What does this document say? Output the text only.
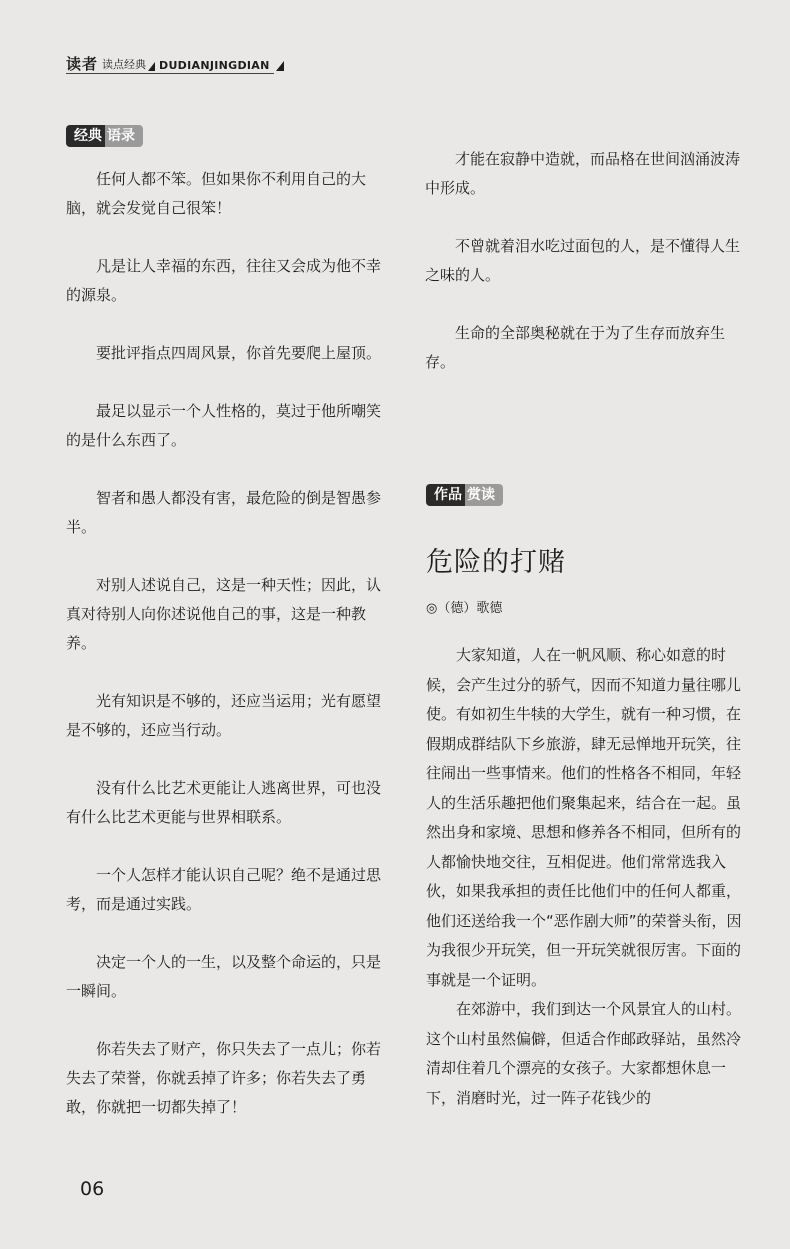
读者 读点经典 DUDIANJINGDIAN
经典 语录

任何人都不笨。但如果你不利用自己的大脑，就会发觉自己很笨！

凡是让人幸福的东西，往往又会成为他不幸的源泉。

要批评指点四周风景，你首先要爬上屋顶。

最足以显示一个人性格的，莫过于他所嘲笑的是什么东西了。

智者和愚人都没有害，最危险的倒是智愚参半。

对别人述说自己，这是一种天性；因此，认真对待别人向你述说他自己的事，这是一种教养。

光有知识是不够的，还应当运用；光有愿望是不够的，还应当行动。

没有什么比艺术更能让人逃离世界，可也没有什么比艺术更能与世界相联系。

一个人怎样才能认识自己呢？绝不是通过思考，而是通过实践。

决定一个人的一生，以及整个命运的，只是一瞬间。

你若失去了财产，你只失去了一点儿；你若失去了荣誉，你就丢掉了许多；你若失去了勇敢，你就把一切都失掉了！

才能在寂静中造就，而品格在世间汹涌波涛中形成。

不曾就着泪水吃过面包的人，是不懂得人生之味的人。

生命的全部奥秘就在于为了生存而放弃生存。

作品 赏读
危险的打赌
◎（德）歌德

大家知道，人在一帆风顺、称心如意的时候，会产生过分的骄气，因而不知道力量往哪儿使。有如初生牛犊的大学生，就有一种习惯，在假期成群结队下乡旅游，肆无忌惮地开玩笑，往往闹出一些事情来。他们的性格各不相同，年轻人的生活乐趣把他们聚集起来，结合在一起。虽然出身和家境、思想和修养各不相同，但所有的人都愉快地交往，互相促进。他们常常选我入伙，如果我承担的责任比他们中的任何人都重，他们还送给我一个“恶作剧大师”的荣誉头衔，因为我很少开玩笑，但一开玩笑就很厉害。下面的事就是一个证明。

在郊游中，我们到达一个风景宜人的山村。这个山村虽然偏僻，但适合作邮政驿站，虽然冷清却住着几个漂亮的女孩子。大家都想休息一下，消磨时光，过一阵子花钱少的

06
